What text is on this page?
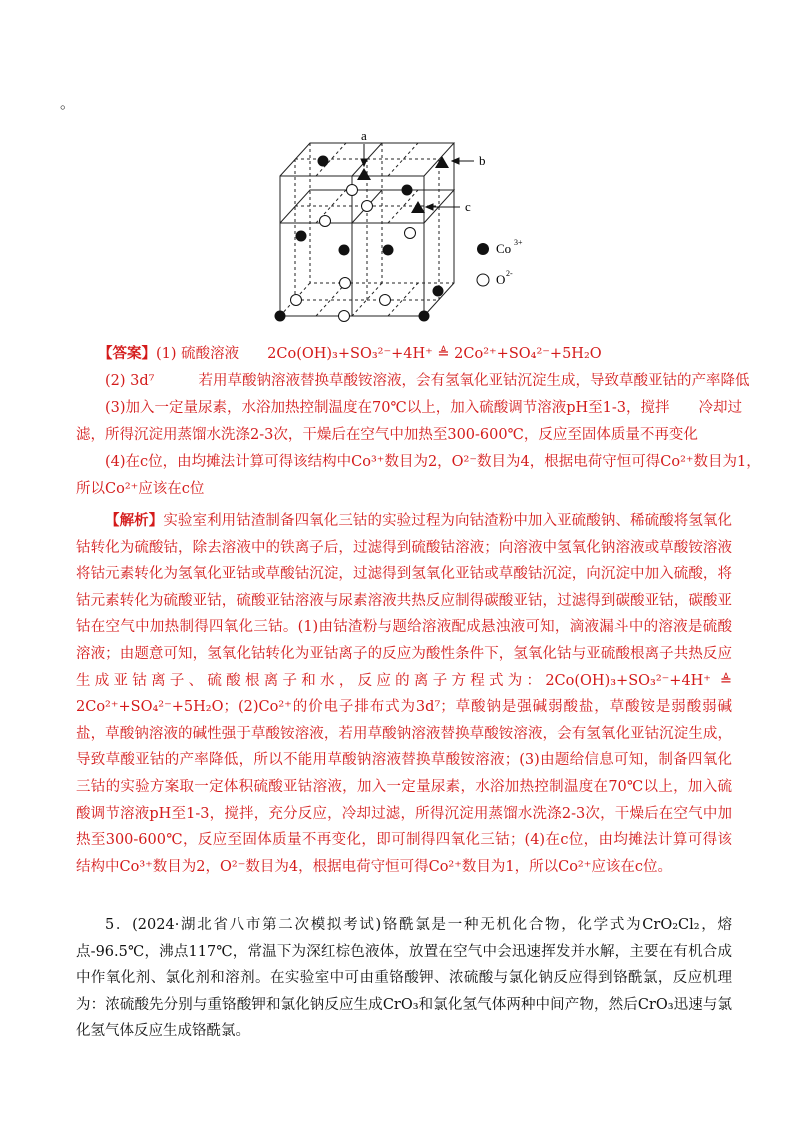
。
a
b
c
Co 3+
O 2-
【答案】(1) 硫酸溶液 2Co(OH)₃+SO₃²⁻+4H⁺ ≜ 2Co²⁺+SO₄²⁻+5H₂O
(2) 3d⁷	若用草酸钠溶液替换草酸铵溶液，会有氢氧化亚钴沉淀生成，导致草酸亚钴的产率降低
(3)加入一定量尿素，水浴加热控制温度在70℃以上，加入硫酸调节溶液pH至1-3，搅拌　　冷却过
滤，所得沉淀用蒸馏水洗涤2-3次，干燥后在空气中加热至300-600℃，反应至固体质量不再变化
(4)在c位，由均摊法计算可得该结构中Co³⁺数目为2，O²⁻数目为4，根据电荷守恒可得Co²⁺数目为1，
所以Co²⁺应该在c位
【解析】实验室利用钴渣制备四氧化三钴的实验过程为向钴渣粉中加入亚硫酸钠、稀硫酸将氢氧化钴转化为硫酸钴，除去溶液中的铁离子后，过滤得到硫酸钴溶液；向溶液中氢氧化钠溶液或草酸铵溶液将钴元素转化为氢氧化亚钴或草酸钴沉淀，过滤得到氢氧化亚钴或草酸钴沉淀，向沉淀中加入硫酸，将钴元素转化为硫酸亚钴，硫酸亚钴溶液与尿素溶液共热反应制得碳酸亚钴，过滤得到碳酸亚钴，碳酸亚钴在空气中加热制得四氧化三钴。(1)由钴渣粉与题给溶液配成悬浊液可知，滴液漏斗中的溶液是硫酸溶液；由题意可知，氢氧化钴转化为亚钴离子的反应为酸性条件下，氢氧化钴与亚硫酸根离子共热反应生成亚钴离子、硫酸根离子和水，反应的离子方程式为：2Co(OH)₃+SO₃²⁻+4H⁺ ≜ 2Co²⁺+SO₄²⁻+5H₂O；(2)Co²⁺的价电子排布式为3d⁷；草酸钠是强碱弱酸盐，草酸铵是弱酸弱碱盐，草酸钠溶液的碱性强于草酸铵溶液，若用草酸钠溶液替换草酸铵溶液，会有氢氧化亚钴沉淀生成，导致草酸亚钴的产率降低，所以不能用草酸钠溶液替换草酸铵溶液；(3)由题给信息可知，制备四氧化三钴的实验方案取一定体积硫酸亚钴溶液，加入一定量尿素，水浴加热控制温度在70℃以上，加入硫酸调节溶液pH至1-3，搅拌，充分反应，冷却过滤，所得沉淀用蒸馏水洗涤2-3次，干燥后在空气中加热至300-600℃，反应至固体质量不再变化，即可制得四氧化三钴；(4)在c位，由均摊法计算可得该结构中Co³⁺数目为2，O²⁻数目为4，根据电荷守恒可得Co²⁺数目为1，所以Co²⁺应该在c位。
5．(2024·湖北省八市第二次模拟考试)铬酰氯是一种无机化合物，化学式为CrO₂Cl₂，熔点-96.5℃，沸点117℃，常温下为深红棕色液体，放置在空气中会迅速挥发并水解，主要在有机合成中作氧化剂、氯化剂和溶剂。在实验室中可由重铬酸钾、浓硫酸与氯化钠反应得到铬酰氯，反应机理为：浓硫酸先分别与重铬酸钾和氯化钠反应生成CrO₃和氯化氢气体两种中间产物，然后CrO₃迅速与氯化氢气体反应生成铬酰氯。
